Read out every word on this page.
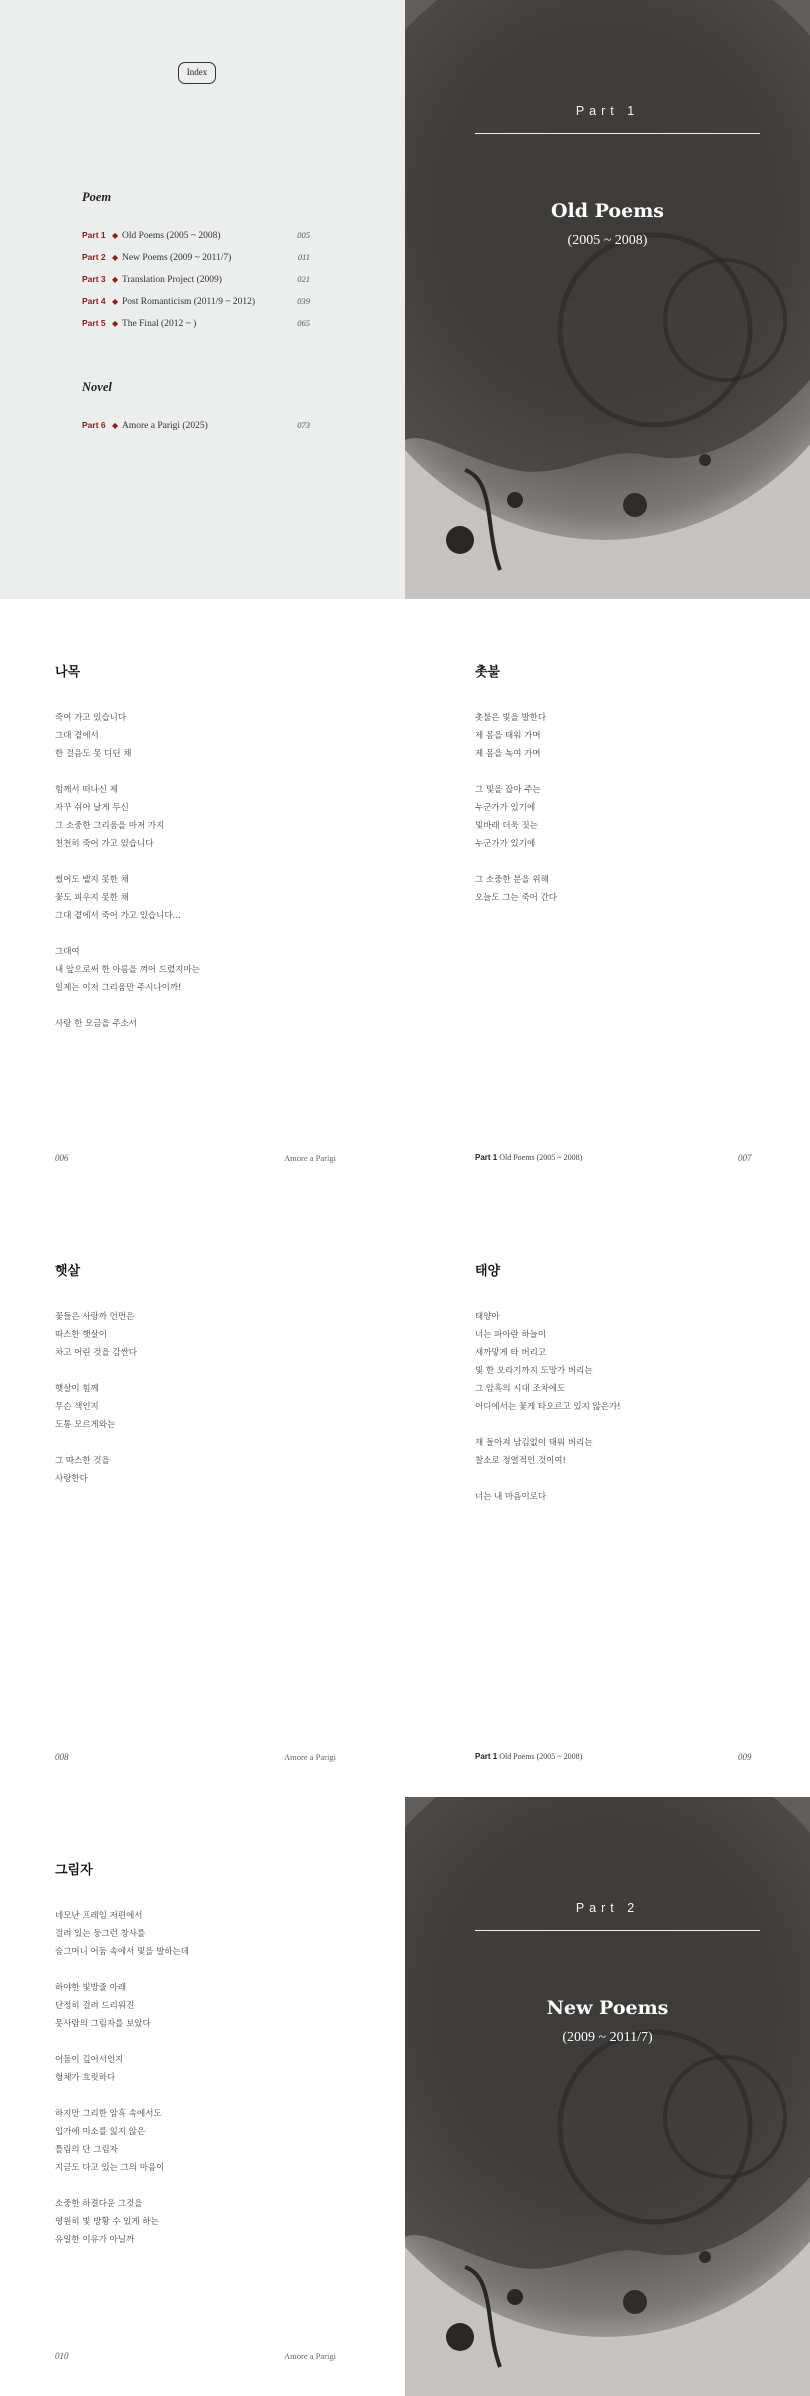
Index
Poem
Part 1 ◆ Old Poems (2005 ~ 2008)	005
Part 2 ◆ New Poems (2009 ~ 2011/7)	011
Part 3 ◆ Translation Project (2009)	021
Part 4 ◆ Post Romanticism (2011/9 ~ 2012)	039
Part 5 ◆ The Final (2012 ~ )	065
Novel
Part 6 ◆ Amore a Parigi (2025)	073
Part 1
Old Poems
(2005 ~ 2008)
나목
죽어 가고 있습니다
그대 곁에서
한 걸음도 못 디딘 채
힘께서 떠나신 제
자꾸 쉬어 날게 두신
그 소중한 그리움을 마저 가지
천천히 죽어 가고 있습니다
썼어도 뱉지 못한 채
꽃도 피우지 못한 채
그대 곁에서 죽어 가고 있습니다…
그대여
내 앞으로써 한 아름을 껴어 드렸지마는
일제는 이저 그리움만 주시나이까!
사랑 한 모금을 주소서
006	Amore a Parigi
촛불
촛불은 빛을 발한다
제 몸을 태워 가며
제 몸을 녹여 가며
그 빛을 잡아 주는
누군가가 있기에
빛바래 더욱 짓는
누군가가 있기에
그 소중한 분을 위해
오늘도 그는 죽어 간다
Part 1 Old Poems (2005 ~ 2008)	007
햇살
꽃들은 사랑까 언먼은
따스한 햇살이
차고 어린 것을 감싼다
햇살이 힘께
무슨 색인지
도통 모르게와는
그 따스한 것을
사랑한다
008	Amore a Parigi
태양
태양아
너는 파아란 하늘이
새까맣게 타 버리고
빛 한 오라기까지 도망가 버리는
그 암흑의 시대 조차에도
어디에서는 꽃게 타오르고 있지 않은가!
재 돌아져 남김없이 태워 버리는
찰소로 정열적인 것이여!
너는 내 마음이로다
Part 1 Old Poems (2005 ~ 2008)	009
그림자
네모난 프레임 저편에서
걸려 있는 둥그런 창사를
숨그머니 어둠 속에서 빛을 발하는데
하야한 빛방줄 아래
단정히 걸려 드리워진
못사람의 그림자를 보았다
어둠이 깊어서인지
형체가 흐릿하다
하지만 그리한 암흑 속에서도
입가에 미소를 잃지 않은
틀림의 단 그림자
지금도 다고 있는 그의 마음이
소중한 하결다운 그것을
영원히 빛 방황 수 있게 하는
유일한 이유가 아닐까
010	Amore a Parigi
Part 2
New Poems
(2009 ~ 2011/7)
